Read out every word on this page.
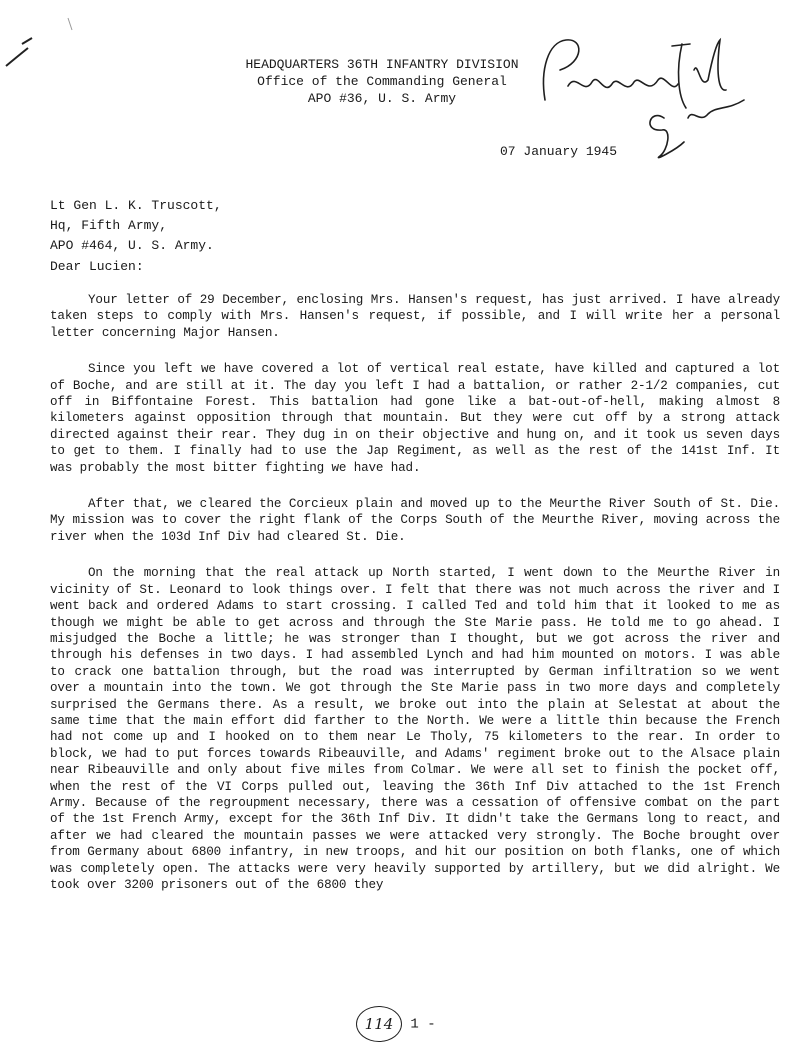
HEADQUARTERS 36TH INFANTRY DIVISION
Office of the Commanding General
APO #36, U. S. Army
07 January 1945
Lt Gen L. K. Truscott,
Hq, Fifth Army,
APO #464, U. S. Army.
Dear Lucien:

Your letter of 29 December, enclosing Mrs. Hansen's request, has just arrived. I have already taken steps to comply with Mrs. Hansen's request, if possible, and I will write her a personal letter concerning Major Hansen.

Since you left we have covered a lot of vertical real estate, have killed and captured a lot of Boche, and are still at it. The day you left I had a battalion, or rather 2-1/2 companies, cut off in Biffontaine Forest. This battalion had gone like a bat-out-of-hell, making almost 8 kilometers against opposition through that mountain. But they were cut off by a strong attack directed against their rear. They dug in on their objective and hung on, and it took us seven days to get to them. I finally had to use the Jap Regiment, as well as the rest of the 141st Inf. It was probably the most bitter fighting we have had.

After that, we cleared the Corcieux plain and moved up to the Meurthe River South of St. Die. My mission was to cover the right flank of the Corps South of the Meurthe River, moving across the river when the 103d Inf Div had cleared St. Die.

On the morning that the real attack up North started, I went down to the Meurthe River in vicinity of St. Leonard to look things over. I felt that there was not much across the river and I went back and ordered Adams to start crossing. I called Ted and told him that it looked to me as though we might be able to get across and through the Ste Marie pass. He told me to go ahead. I misjudged the Boche a little; he was stronger than I thought, but we got across the river and through his defenses in two days. I had assembled Lynch and had him mounted on motors. I was able to crack one battalion through, but the road was interrupted by German infiltration so we went over a mountain into the town. We got through the Ste Marie pass in two more days and completely surprised the Germans there. As a result, we broke out into the plain at Selestat at about the same time that the main effort did farther to the North. We were a little thin because the French had not come up and I hooked on to them near Le Tholy, 75 kilometers to the rear. In order to block, we had to put forces towards Ribeauville, and Adams' regiment broke out to the Alsace plain near Ribeauville and only about five miles from Colmar. We were all set to finish the pocket off, when the rest of the VI Corps pulled out, leaving the 36th Inf Div attached to the 1st French Army. Because of the regroupment necessary, there was a cessation of offensive combat on the part of the 1st French Army, except for the 36th Inf Div. It didn't take the Germans long to react, and after we had cleared the mountain passes we were attacked very strongly. The Boche brought over from Germany about 6800 infantry, in new troops, and hit our position on both flanks, one of which was completely open. The attacks were very heavily supported by artillery, but we did alright. We took over 3200 prisoners out of the 6800 they

114 1 -
